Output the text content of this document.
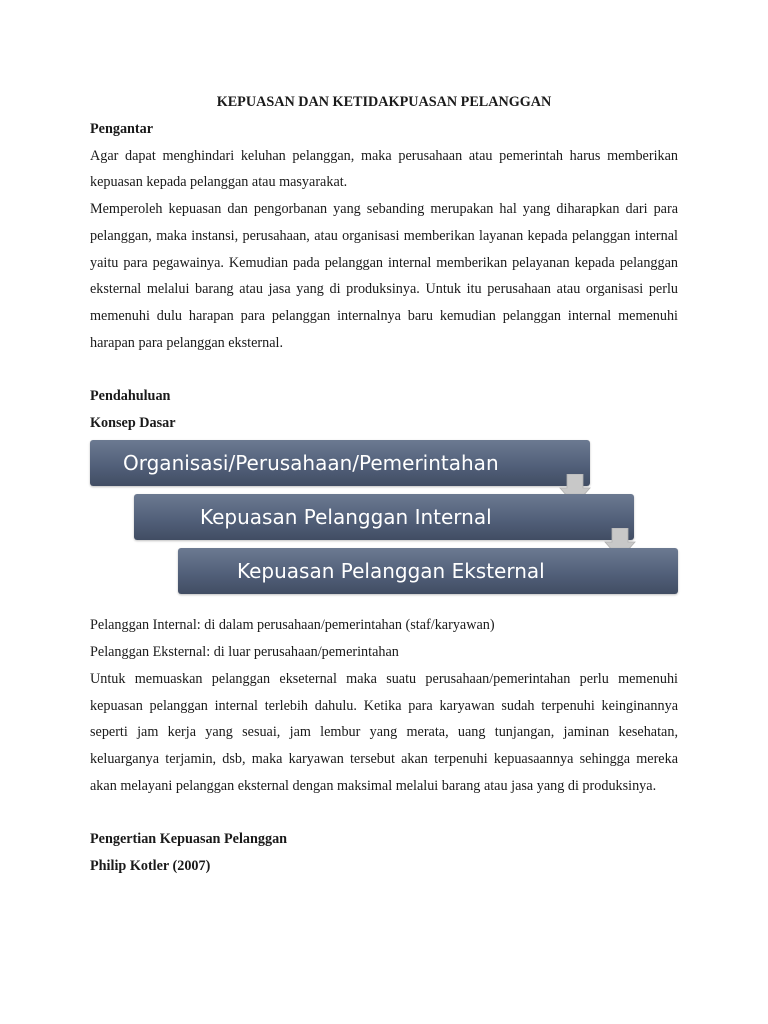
KEPUASAN DAN KETIDAKPUASAN PELANGGAN
Pengantar

Agar dapat menghindari keluhan pelanggan, maka perusahaan atau pemerintah harus memberikan kepuasan kepada pelanggan atau masyarakat.

Memperoleh kepuasan dan pengorbanan yang sebanding merupakan hal yang diharapkan dari para pelanggan, maka instansi, perusahaan, atau organisasi memberikan layanan kepada pelanggan internal yaitu para pegawainya. Kemudian pada pelanggan internal memberikan pelayanan kepada pelanggan eksternal melalui barang atau jasa yang di produksinya. Untuk itu perusahaan atau organisasi perlu memenuhi dulu harapan para pelanggan internalnya baru kemudian pelanggan internal memenuhi harapan para pelanggan eksternal.

Pendahuluan
Konsep Dasar
Organisasi/Perusahaan/Pemerintahan
Kepuasan Pelanggan Internal
Kepuasan Pelanggan Eksternal

Pelanggan Internal: di dalam perusahaan/pemerintahan (staf/karyawan)

Pelanggan Eksternal: di luar perusahaan/pemerintahan

Untuk memuaskan pelanggan ekseternal maka suatu perusahaan/pemerintahan perlu memenuhi kepuasan pelanggan internal terlebih dahulu. Ketika para karyawan sudah terpenuhi keinginannya seperti jam kerja yang sesuai, jam lembur yang merata, uang tunjangan, jaminan kesehatan, keluarganya terjamin, dsb, maka karyawan tersebut akan terpenuhi kepuasaannya sehingga mereka akan melayani pelanggan eksternal dengan maksimal melalui barang atau jasa yang di produksinya.

Pengertian Kepuasan Pelanggan
Philip Kotler (2007)
